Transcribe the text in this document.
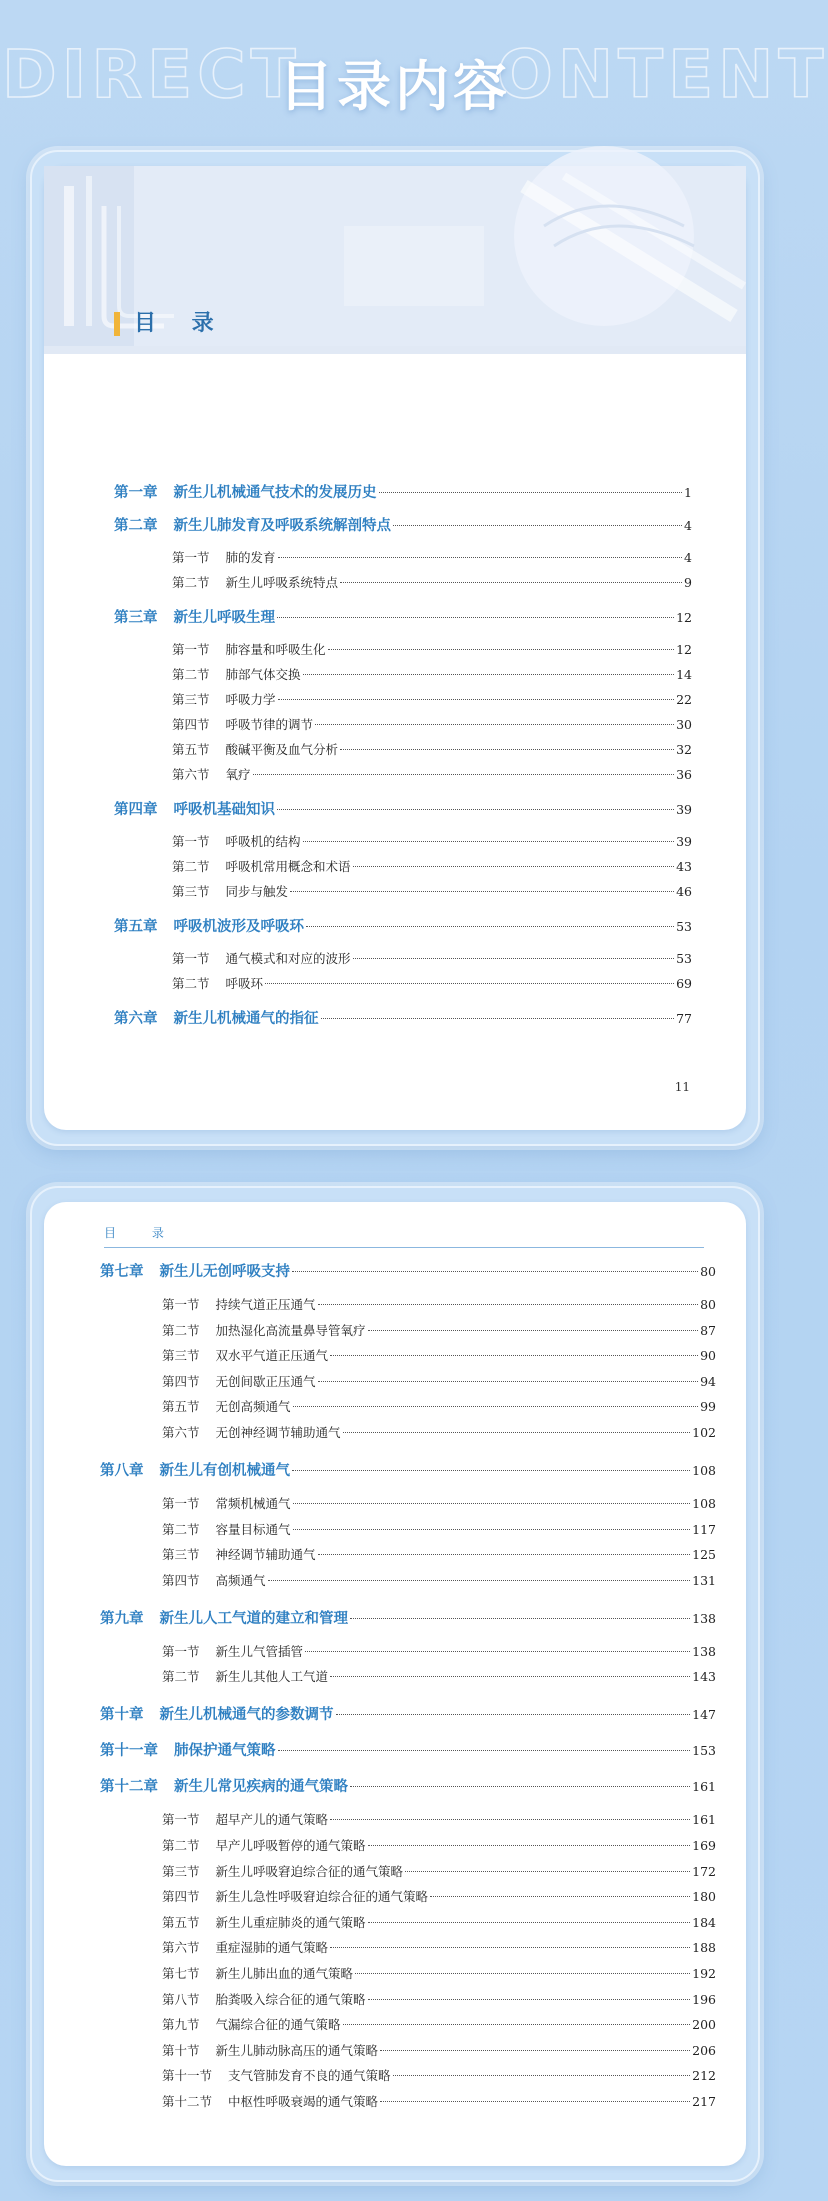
DIRECT	ONTENT
目录内容
目 录
第一章 新生儿机械通气技术的发展历史	1
第二章 新生儿肺发育及呼吸系统解剖特点	4
第一节 肺的发育	4
第二节 新生儿呼吸系统特点	9
第三章 新生儿呼吸生理	12
第一节 肺容量和呼吸生化	12
第二节 肺部气体交换	14
第三节 呼吸力学	22
第四节 呼吸节律的调节	30
第五节 酸碱平衡及血气分析	32
第六节 氧疗	36
第四章 呼吸机基础知识	39
第一节 呼吸机的结构	39
第二节 呼吸机常用概念和术语	43
第三节 同步与触发	46
第五章 呼吸机波形及呼吸环	53
第一节 通气模式和对应的波形	53
第二节 呼吸环	69
第六章 新生儿机械通气的指征	77
11
目 录
第七章 新生儿无创呼吸支持	80
第一节 持续气道正压通气	80
第二节 加热湿化高流量鼻导管氧疗	87
第三节 双水平气道正压通气	90
第四节 无创间歇正压通气	94
第五节 无创高频通气	99
第六节 无创神经调节辅助通气	102
第八章 新生儿有创机械通气	108
第一节 常频机械通气	108
第二节 容量目标通气	117
第三节 神经调节辅助通气	125
第四节 高频通气	131
第九章 新生儿人工气道的建立和管理	138
第一节 新生儿气管插管	138
第二节 新生儿其他人工气道	143
第十章 新生儿机械通气的参数调节	147
第十一章 肺保护通气策略	153
第十二章 新生儿常见疾病的通气策略	161
第一节 超早产儿的通气策略	161
第二节 早产儿呼吸暂停的通气策略	169
第三节 新生儿呼吸窘迫综合征的通气策略	172
第四节 新生儿急性呼吸窘迫综合征的通气策略	180
第五节 新生儿重症肺炎的通气策略	184
第六节 重症湿肺的通气策略	188
第七节 新生儿肺出血的通气策略	192
第八节 胎粪吸入综合征的通气策略	196
第九节 气漏综合征的通气策略	200
第十节 新生儿肺动脉高压的通气策略	206
第十一节 支气管肺发育不良的通气策略	212
第十二节 中枢性呼吸衰竭的通气策略	217
